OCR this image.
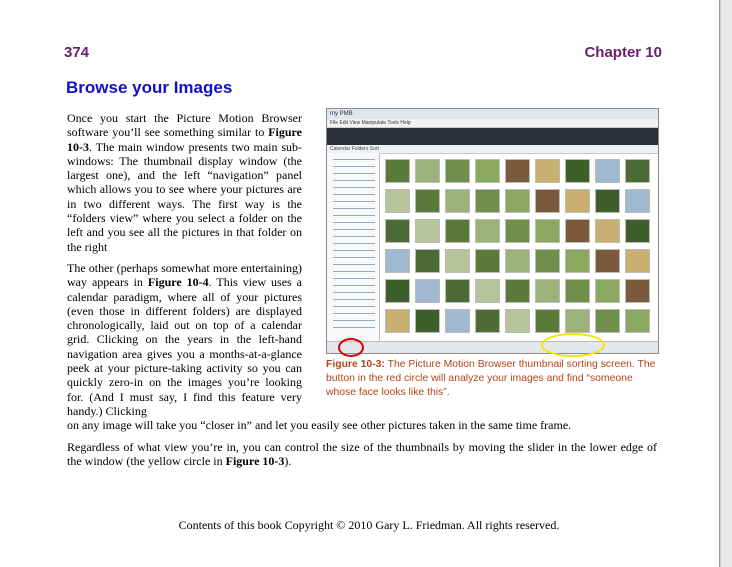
374	Chapter 10
Browse your Images

Once you start the Picture Motion Browser software you’ll see something similar to Figure 10-3. The main window presents two main sub-windows: The thumbnail display window (the largest one), and the left “navigation” panel which allows you to see where your pictures are in two different ways. The first way is the “folders view” where you select a folder on the left and you see all the pictures in that folder on the right

The other (perhaps somewhat more entertaining) way appears in Figure 10-4. This view uses a calendar paradigm, where all of your pictures (even those in different folders) are displayed chronologically, laid out on top of a calendar grid. Clicking on the years in the left-hand navigation area gives you a months-at-a-glance peek at your picture-taking activity so you can quickly zero-in on the images you’re looking for. (And I must say, I find this feature very handy.) Clicking

on any image will take you “closer in” and let you easily see other pictures taken in the same time frame.

Regardless of what view you’re in, you can control the size of the thumbnails by moving the slider in the lower edge of the window (the yellow circle in Figure 10-3).

my PMB
File Edit View Manipulate Tools Help
Calendar Folders Sort
Figure 10-3: The Picture Motion Browser thumbnail sorting screen. The button in the red circle will analyze your images and find “someone whose face looks like this”.
Contents of this book Copyright © 2010 Gary L. Friedman. All rights reserved.
